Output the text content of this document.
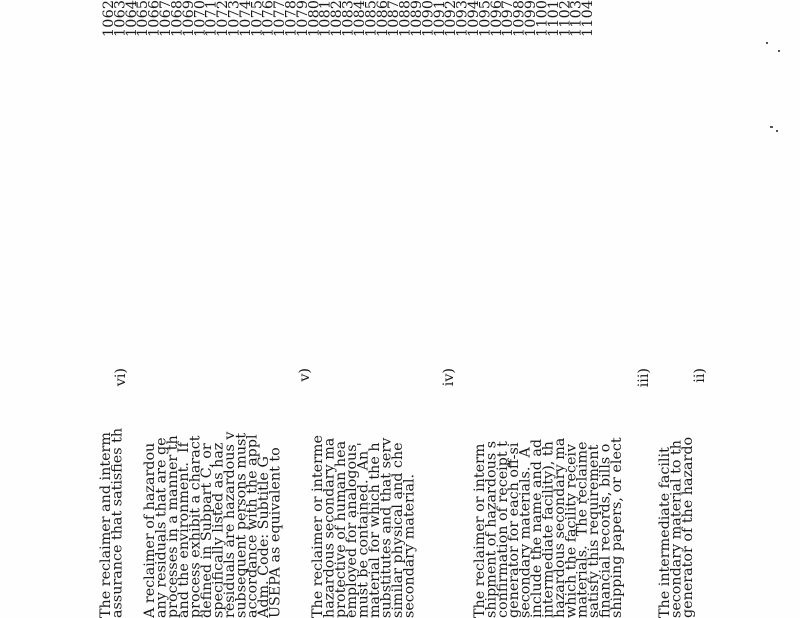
1062
1063
1064
1065
1066
1067
1068
1069
1070
1071
1072
1073
1074
1075
1076
1077
1078
1079
1080
1081
1082
1083
1084
1085
1086
1087
1088
1089
1090
1091
1092
1093
1094
1095
1096
1097
1098
1099
1100
1101
1102
1103
1104
ii)
The intermediate facilit
secondary material to th
generator of the hazardo
iii)
The reclaimer or interm
shipment of hazardous s
confirmation of receipt t
generator for each off-si
secondary materials.  A
include the name and ad
intermediate facility), th
hazardous secondary ma
which the facility receiv
materials.  The reclaime
satisfy this requirement
financial records, bills o
shipping papers, or elect
iv)
The reclaimer or interme
hazardous secondary ma
protective of human hea
employed for analogous
must be contained.  An '
material for which the h
substitutes and that serv
similar physical and che
secondary material.
v)
A reclaimer of hazardou
any residuals that are ge
processes in a manner th
and the environment.  If
process exhibit a charact
defined in Subpart C, or
specifically listed as haz
residuals are hazardous v
subsequent persons must
accordance with the appl
Adm. Code: Subtitle G
USEPA as equivalent to
vi)
The reclaimer and interm
assurance that satisfies th
